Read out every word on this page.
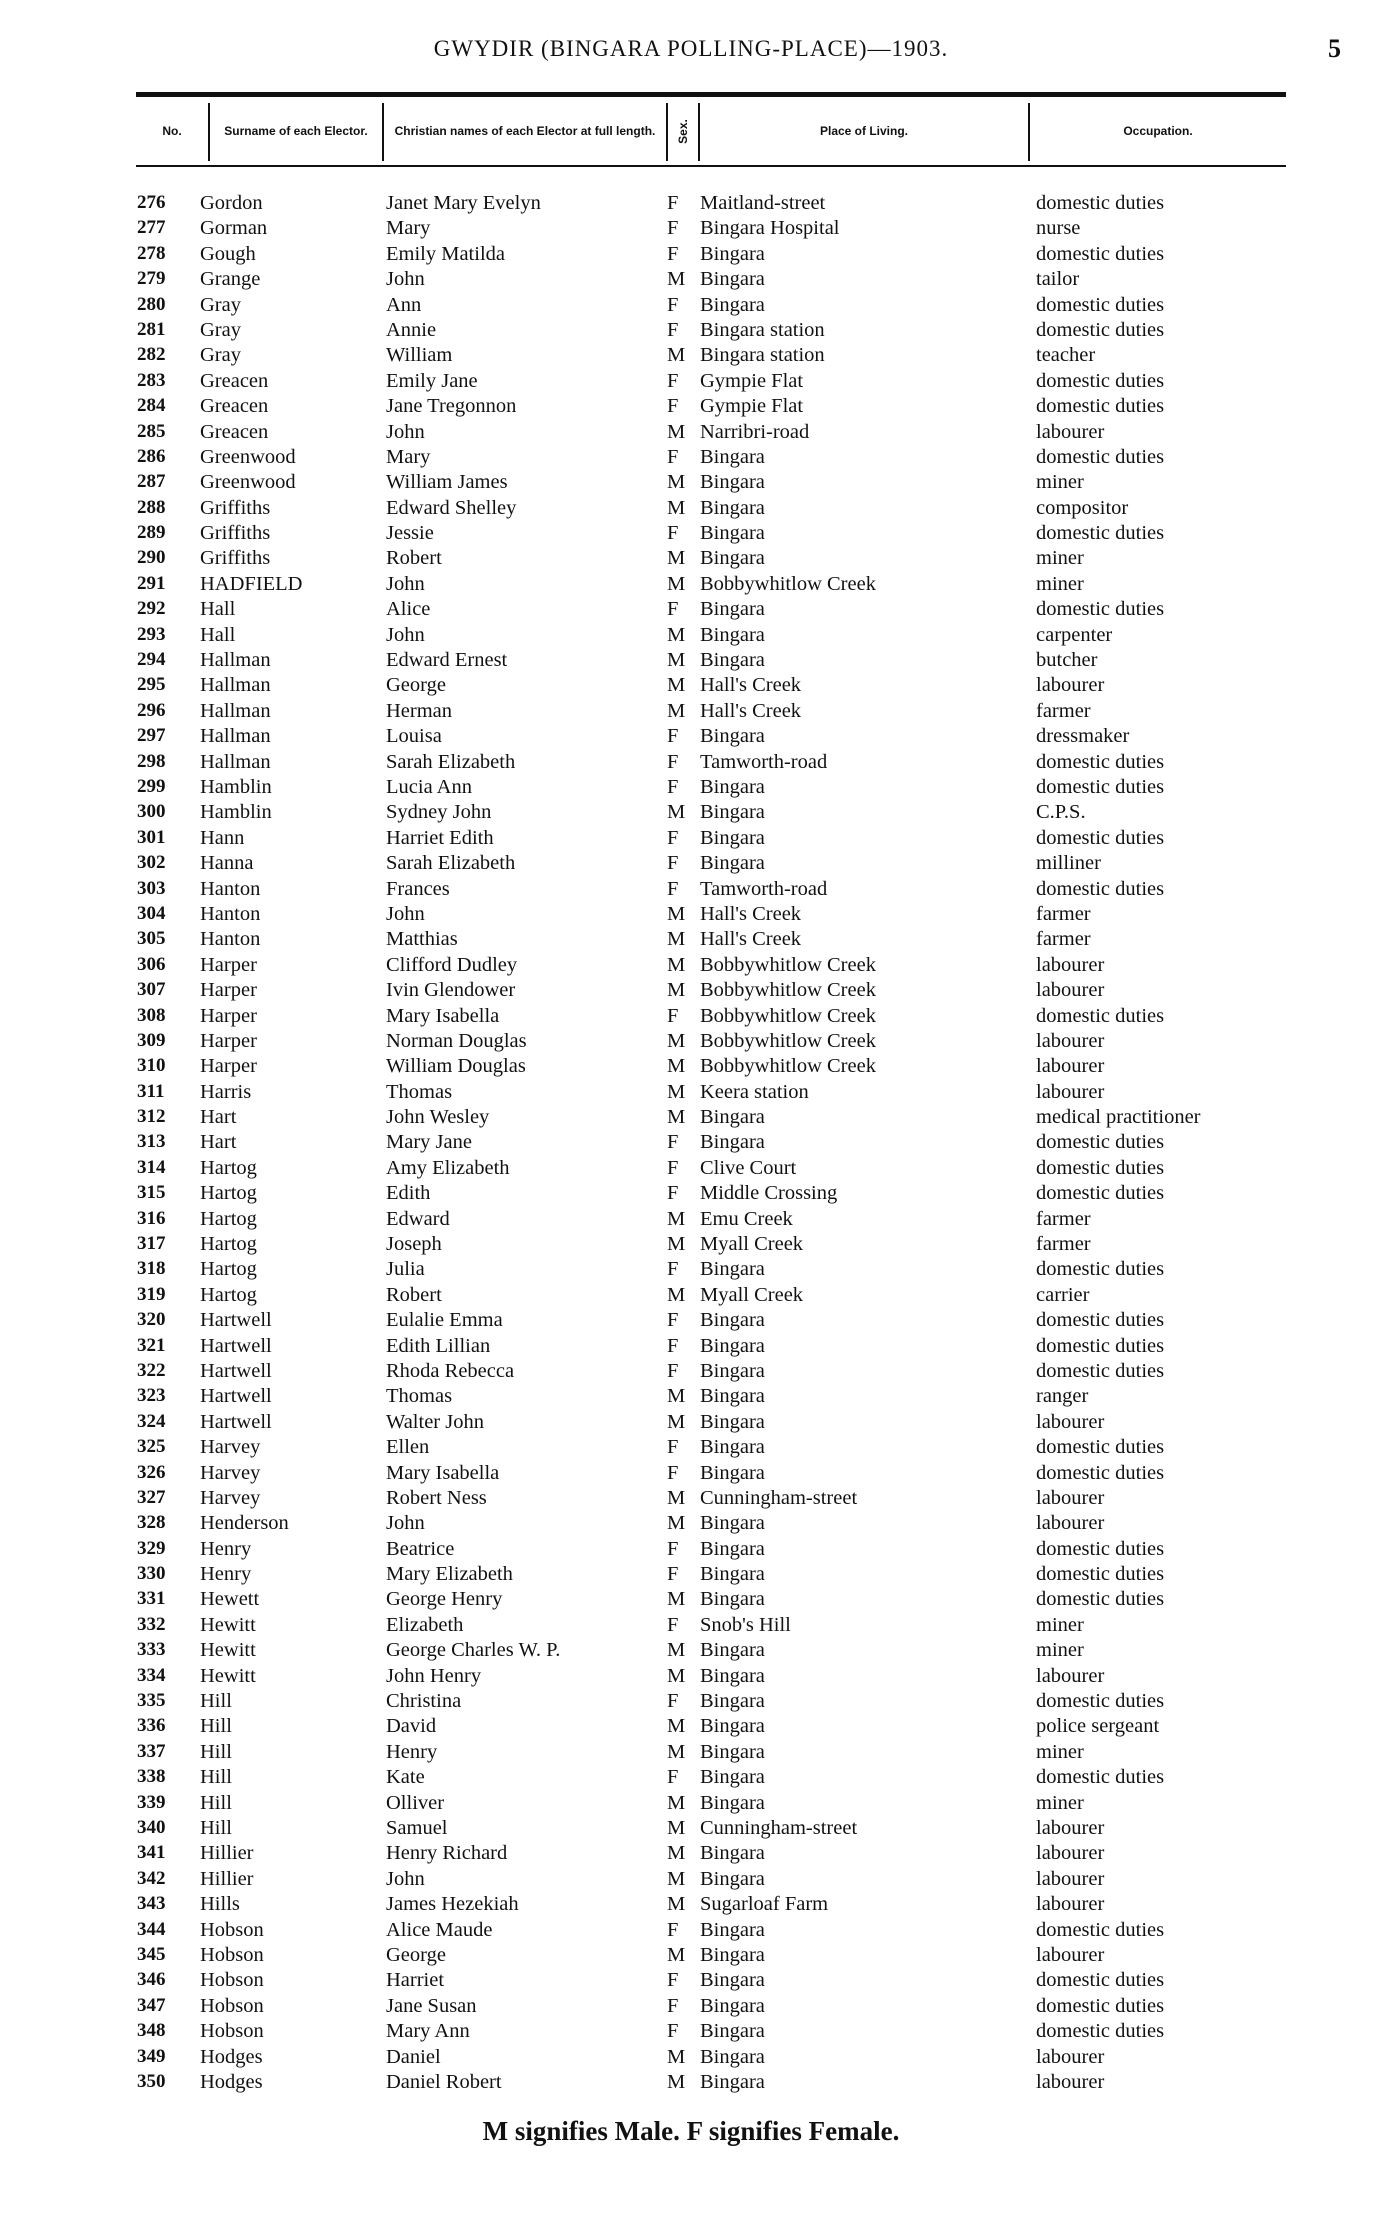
GWYDIR (BINGARA POLLING-PLACE)—1903.	5
No.	Surname of each Elector.	Christian names of each Elector at full length.	Sex.	Place of Living.	Occupation.
276 Gordon	Janet Mary Evelyn	F Maitland-street	domestic duties
277 Gorman	Mary	F Bingara Hospital	nurse
278 Gough	Emily Matilda	F Bingara	domestic duties
279 Grange	John	M Bingara	tailor
280 Gray	Ann	F Bingara	domestic duties
281 Gray	Annie	F Bingara station	domestic duties
282 Gray	William	M Bingara station	teacher
283 Greacen	Emily Jane	F Gympie Flat	domestic duties
284 Greacen	Jane Tregonnon	F Gympie Flat	domestic duties
285 Greacen	John	M Narribri-road	labourer
286 Greenwood	Mary	F Bingara	domestic duties
287 Greenwood	William James	M Bingara	miner
288 Griffiths	Edward Shelley	M Bingara	compositor
289 Griffiths	Jessie	F Bingara	domestic duties
290 Griffiths	Robert	M Bingara	miner
291 HADFIELD	John	M Bobbywhitlow Creek	miner
292 Hall	Alice	F Bingara	domestic duties
293 Hall	John	M Bingara	carpenter
294 Hallman	Edward Ernest	M Bingara	butcher
295 Hallman	George	M Hall's Creek	labourer
296 Hallman	Herman	M Hall's Creek	farmer
297 Hallman	Louisa	F Bingara	dressmaker
298 Hallman	Sarah Elizabeth	F Tamworth-road	domestic duties
299 Hamblin	Lucia Ann	F Bingara	domestic duties
300 Hamblin	Sydney John	M Bingara	C.P.S.
301 Hann	Harriet Edith	F Bingara	domestic duties
302 Hanna	Sarah Elizabeth	F Bingara	milliner
303 Hanton	Frances	F Tamworth-road	domestic duties
304 Hanton	John	M Hall's Creek	farmer
305 Hanton	Matthias	M Hall's Creek	farmer
306 Harper	Clifford Dudley	M Bobbywhitlow Creek	labourer
307 Harper	Ivin Glendower	M Bobbywhitlow Creek	labourer
308 Harper	Mary Isabella	F Bobbywhitlow Creek	domestic duties
309 Harper	Norman Douglas	M Bobbywhitlow Creek	labourer
310 Harper	William Douglas	M Bobbywhitlow Creek	labourer
311 Harris	Thomas	M Keera station	labourer
312 Hart	John Wesley	M Bingara	medical practitioner
313 Hart	Mary Jane	F Bingara	domestic duties
314 Hartog	Amy Elizabeth	F Clive Court	domestic duties
315 Hartog	Edith	F Middle Crossing	domestic duties
316 Hartog	Edward	M Emu Creek	farmer
317 Hartog	Joseph	M Myall Creek	farmer
318 Hartog	Julia	F Bingara	domestic duties
319 Hartog	Robert	M Myall Creek	carrier
320 Hartwell	Eulalie Emma	F Bingara	domestic duties
321 Hartwell	Edith Lillian	F Bingara	domestic duties
322 Hartwell	Rhoda Rebecca	F Bingara	domestic duties
323 Hartwell	Thomas	M Bingara	ranger
324 Hartwell	Walter John	M Bingara	labourer
325 Harvey	Ellen	F Bingara	domestic duties
326 Harvey	Mary Isabella	F Bingara	domestic duties
327 Harvey	Robert Ness	M Cunningham-street	labourer
328 Henderson	John	M Bingara	labourer
329 Henry	Beatrice	F Bingara	domestic duties
330 Henry	Mary Elizabeth	F Bingara	domestic duties
331 Hewett	George Henry	M Bingara	domestic duties
332 Hewitt	Elizabeth	F Snob's Hill	miner
333 Hewitt	George Charles W. P.	M Bingara	miner
334 Hewitt	John Henry	M Bingara	labourer
335 Hill	Christina	F Bingara	domestic duties
336 Hill	David	M Bingara	police sergeant
337 Hill	Henry	M Bingara	miner
338 Hill	Kate	F Bingara	domestic duties
339 Hill	Olliver	M Bingara	miner
340 Hill	Samuel	M Cunningham-street	labourer
341 Hillier	Henry Richard	M Bingara	labourer
342 Hillier	John	M Bingara	labourer
343 Hills	James Hezekiah	M Sugarloaf Farm	labourer
344 Hobson	Alice Maude	F Bingara	domestic duties
345 Hobson	George	M Bingara	labourer
346 Hobson	Harriet	F Bingara	domestic duties
347 Hobson	Jane Susan	F Bingara	domestic duties
348 Hobson	Mary Ann	F Bingara	domestic duties
349 Hodges	Daniel	M Bingara	labourer
350 Hodges	Daniel Robert	M Bingara	labourer
M signifies Male. F signifies Female.
